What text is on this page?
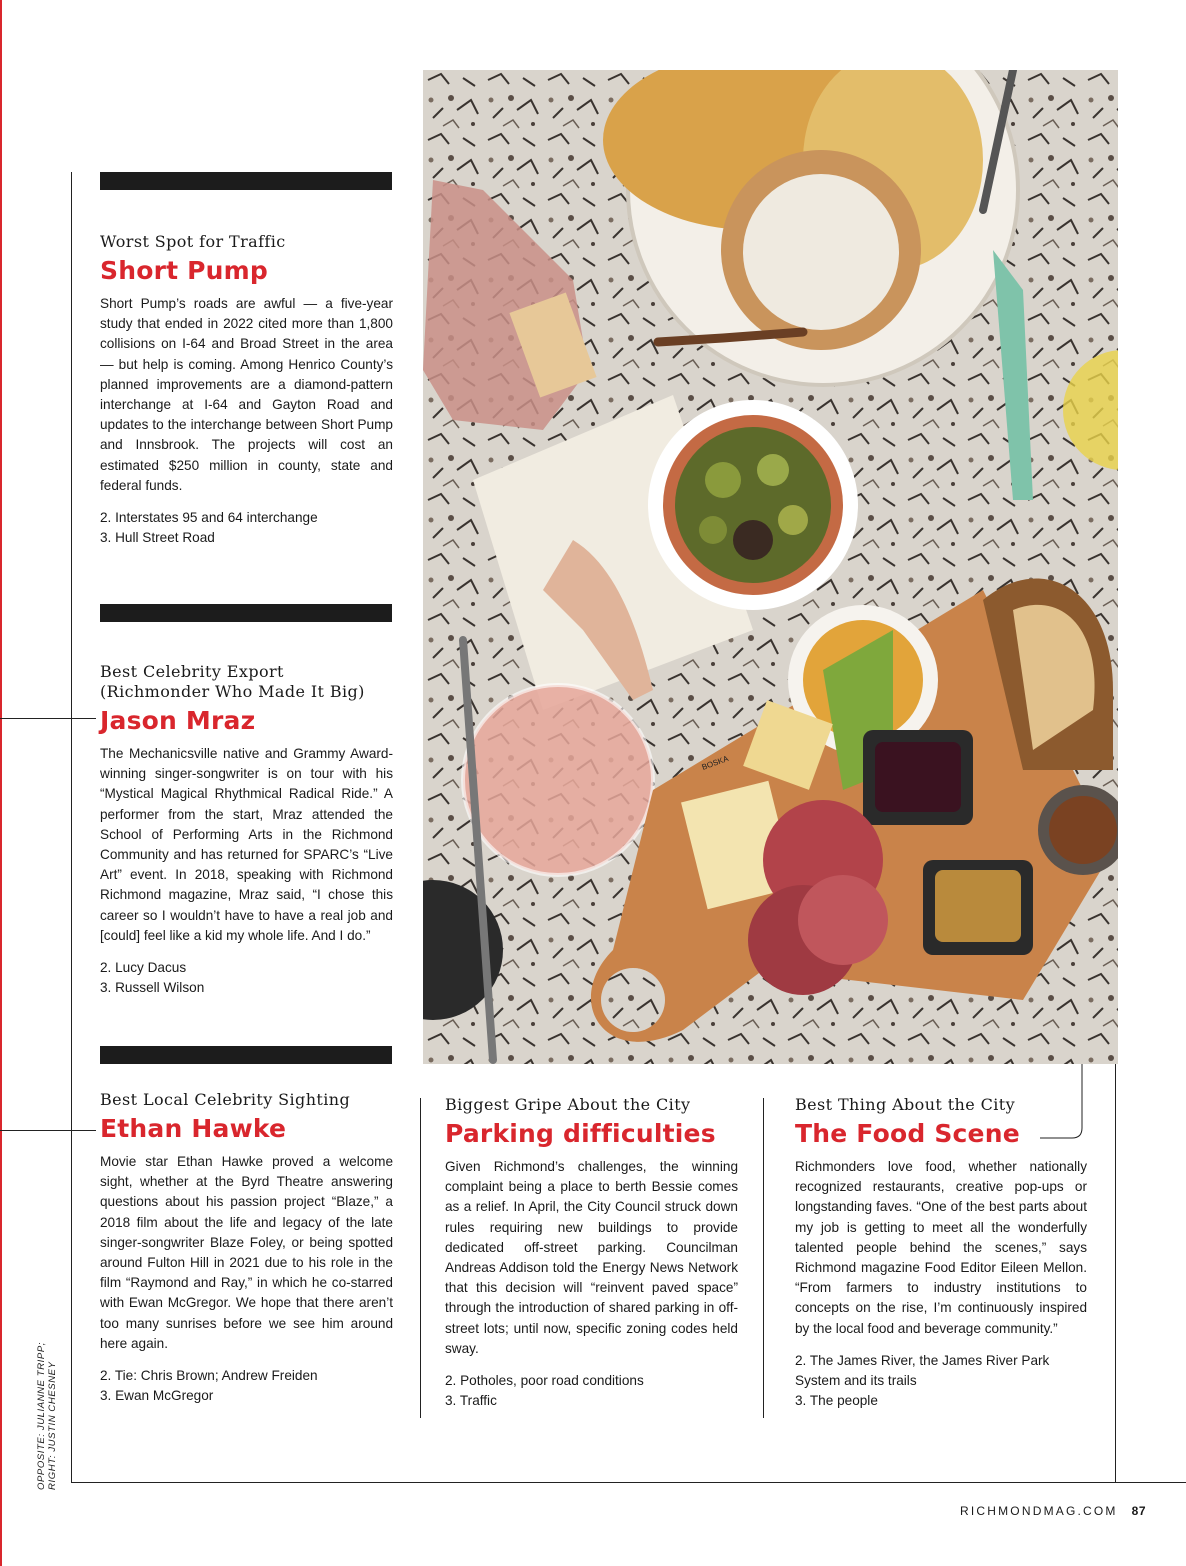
Worst Spot for Traffic
Short Pump
Short Pump’s roads are awful — a five-year study that ended in 2022 cited more than 1,800 collisions on I-64 and Broad Street in the area — but help is coming. Among Henrico County’s planned improvements are a diamond-pattern interchange at I-64 and Gayton Road and updates to the interchange between Short Pump and Innsbrook. The projects will cost an estimated $250 million in county, state and federal funds.
2. Interstates 95 and 64 interchange
3. Hull Street Road
Best Celebrity Export
(Richmonder Who Made It Big)
Jason Mraz
The Mechanicsville native and Grammy Award-winning singer-songwriter is on tour with his “Mystical Magical Rhythmical Radical Ride.” A performer from the start, Mraz attended the School of Performing Arts in the Richmond Community and has returned for SPARC’s “Live Art” event. In 2018, speaking with Richmond Richmond magazine, Mraz said, “I chose this career so I wouldn’t have to have a real job and [could] feel like a kid my whole life. And I do.”
2. Lucy Dacus
3. Russell Wilson
Best Local Celebrity Sighting
Ethan Hawke
Movie star Ethan Hawke proved a welcome sight, whether at the Byrd Theatre answering questions about his passion project “Blaze,” a 2018 film about the life and legacy of the late singer-songwriter Blaze Foley, or being spotted around Fulton Hill in 2021 due to his role in the film “Raymond and Ray,” in which he co-starred with Ewan McGregor. We hope that there aren’t too many sunrises before we see him around here again.
2. Tie: Chris Brown; Andrew Freiden
3. Ewan McGregor
Biggest Gripe About the City
Parking difficulties
Given Richmond’s challenges, the winning complaint being a place to berth Bessie comes as a relief. In April, the City Council struck down rules requiring new buildings to provide dedicated off-street parking. Councilman Andreas Addison told the Energy News Network that this decision will “reinvent paved space” through the introduction of shared parking in off-street lots; until now, specific zoning codes held sway.
2. Potholes, poor road conditions
3. Traffic
Best Thing About the City
The Food Scene
Richmonders love food, whether nationally recognized restaurants, creative pop-ups or longstanding faves. “One of the best parts about my job is getting to meet all the wonderfully talented people behind the scenes,” says Richmond magazine Food Editor Eileen Mellon. “From farmers to industry institutions to concepts on the rise, I’m continuously inspired by the local food and beverage community.”
2. The James River, the James River Park System and its trails
3. The people
BOSKA
OPPOSITE: JULIANNE TRIPP; RIGHT: JUSTIN CHESNEY
RICHMONDMAG.COM 87
